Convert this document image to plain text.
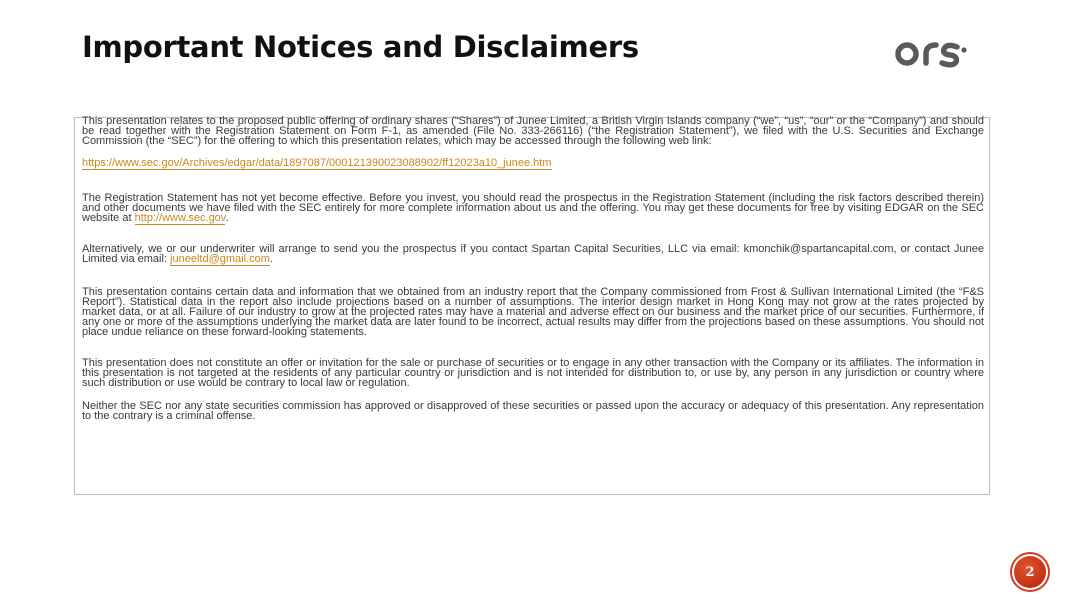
Important Notices and Disclaimers
ors

This presentation relates to the proposed public offering of ordinary shares (“Shares”) of Junee Limited, a British Virgin Islands company (“we”, “us”, “our” or the “Company”) and should be read together with the Registration Statement on Form F-1, as amended (File No. 333-266116) (“the Registration Statement”), we filed with the U.S. Securities and Exchange Commission (the “SEC”) for the offering to which this presentation relates, which may be accessed through the following web link:

https://www.sec.gov/Archives/edgar/data/1897087/000121390023088902/ff12023a10_junee.htm

The Registration Statement has not yet become effective. Before you invest, you should read the prospectus in the Registration Statement (including the risk factors described therein) and other documents we have filed with the SEC entirely for more complete information about us and the offering. You may get these documents for free by visiting EDGAR on the SEC website at http://www.sec.gov.

Alternatively, we or our underwriter will arrange to send you the prospectus if you contact Spartan Capital Securities, LLC via email: kmonchik@spartancapital.com, or contact Junee Limited via email: juneeltd@gmail.com.

This presentation contains certain data and information that we obtained from an industry report that the Company commissioned from Frost & Sullivan International Limited (the “F&S Report”). Statistical data in the report also include projections based on a number of assumptions. The interior design market in Hong Kong may not grow at the rates projected by market data, or at all. Failure of our industry to grow at the projected rates may have a material and adverse effect on our business and the market price of our securities. Furthermore, if any one or more of the assumptions underlying the market data are later found to be incorrect, actual results may differ from the projections based on these assumptions. You should not place undue reliance on these forward-looking statements.

This presentation does not constitute an offer or invitation for the sale or purchase of securities or to engage in any other transaction with the Company or its affiliates. The information in this presentation is not targeted at the residents of any particular country or jurisdiction and is not intended for distribution to, or use by, any person in any jurisdiction or country where such distribution or use would be contrary to local law or regulation.

Neither the SEC nor any state securities commission has approved or disapproved of these securities or passed upon the accuracy or adequacy of this presentation. Any representation to the contrary is a criminal offense.

2
